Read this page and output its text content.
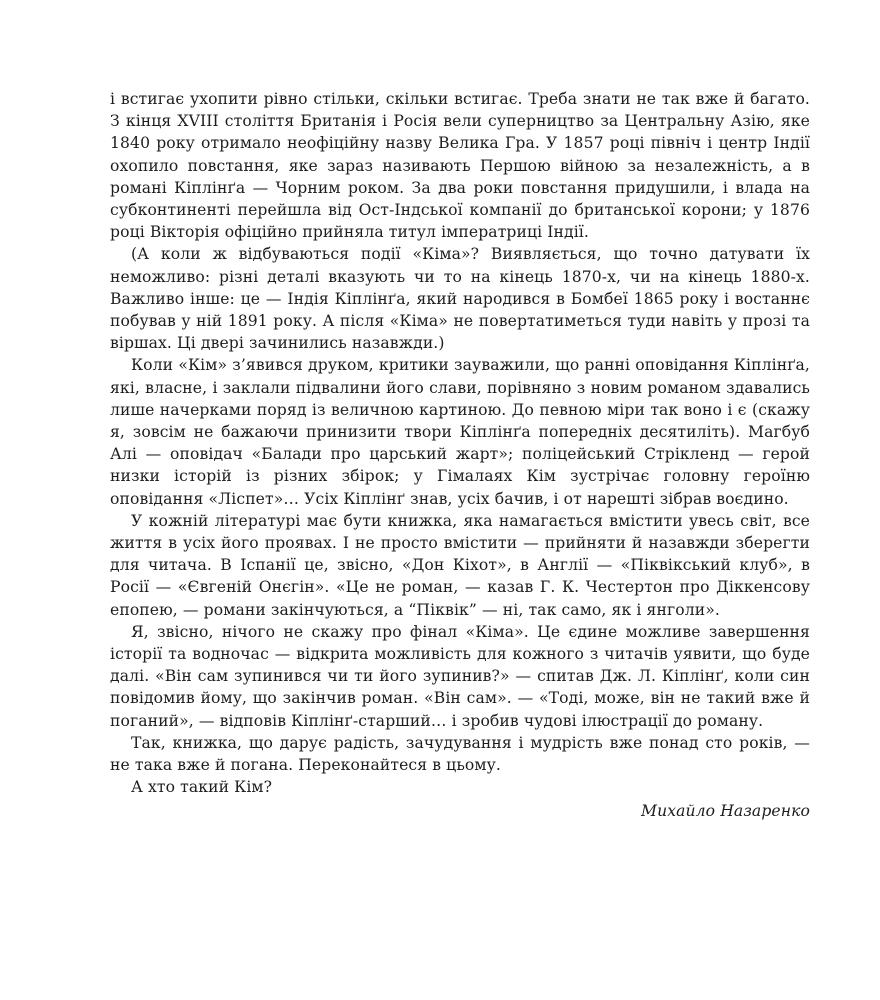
і встигає ухопити рівно стільки, скільки встигає. Треба знати не так вже й багато. З кінця XVIII століття Британія і Росія вели суперництво за Центральну Азію, яке 1840 року отримало неофіційну назву Велика Гра. У 1857 році північ і центр Індії охопило повстання, яке зараз називають Першою війною за незалежність, а в романі Кіплінґа — Чорним роком. За два роки повстання придушили, і влада на субконтиненті перейшла від Ост-Індської компанії до британської корони; у 1876 році Вікторія офіційно прийняла титул імператриці Індії.

(А коли ж відбуваються події «Кіма»? Виявляється, що точно датувати їх неможливо: різні деталі вказують чи то на кінець 1870-х, чи на кінець 1880-х. Важливо інше: це — Індія Кіплінґа, який народився в Бомбеї 1865 року і востаннє побував у ній 1891 року. А після «Кіма» не повертатиметься туди навіть у прозі та віршах. Ці двері зачинились назавжди.)

Коли «Кім» з’явився друком, критики зауважили, що ранні оповідання Кіплінґа, які, власне, і заклали підвалини його слави, порівняно з новим романом здавались лише начерками поряд із величною картиною. До певною міри так воно і є (скажу я, зовсім не бажаючи принизити твори Кіплінґа попередніх десятиліть). Магбуб Алі — оповідач «Балади про царський жарт»; поліцейський Стрікленд — герой низки історій із різних збірок; у Гімалаях Кім зустрічає головну героїню оповідання «Ліспет»… Усіх Кіплінґ знав, усіх бачив, і от нарешті зібрав воєдино.

У кожній літературі має бути книжка, яка намагається вмістити увесь світ, все життя в усіх його проявах. І не просто вмістити — прийняти й назавжди зберегти для читача. В Іспанії це, звісно, «Дон Кіхот», в Англії — «Піквікський клуб», в Росії — «Євгеній Онєгін». «Це не роман, — казав Г. К. Честертон про Діккенсову епопею, — романи закінчуються, а “Піквік” — ні, так само, як і янголи».

Я, звісно, нічого не скажу про фінал «Кіма». Це єдине можливе завершення історії та водночас — відкрита можливість для кожного з читачів уявити, що буде далі. «Він сам зупинився чи ти його зупинив?» — спитав Дж. Л. Кіплінґ, коли син повідомив йому, що закінчив роман. «Він сам». — «Тоді, може, він не такий вже й поганий», — відповів Кіплінґ-старший… і зробив чудові ілюстрації до роману.

Так, книжка, що дарує радість, зачудування і мудрість вже понад сто років, — не така вже й погана. Переконайтеся в цьому.

А хто такий Кім?

Михайло Назаренко
